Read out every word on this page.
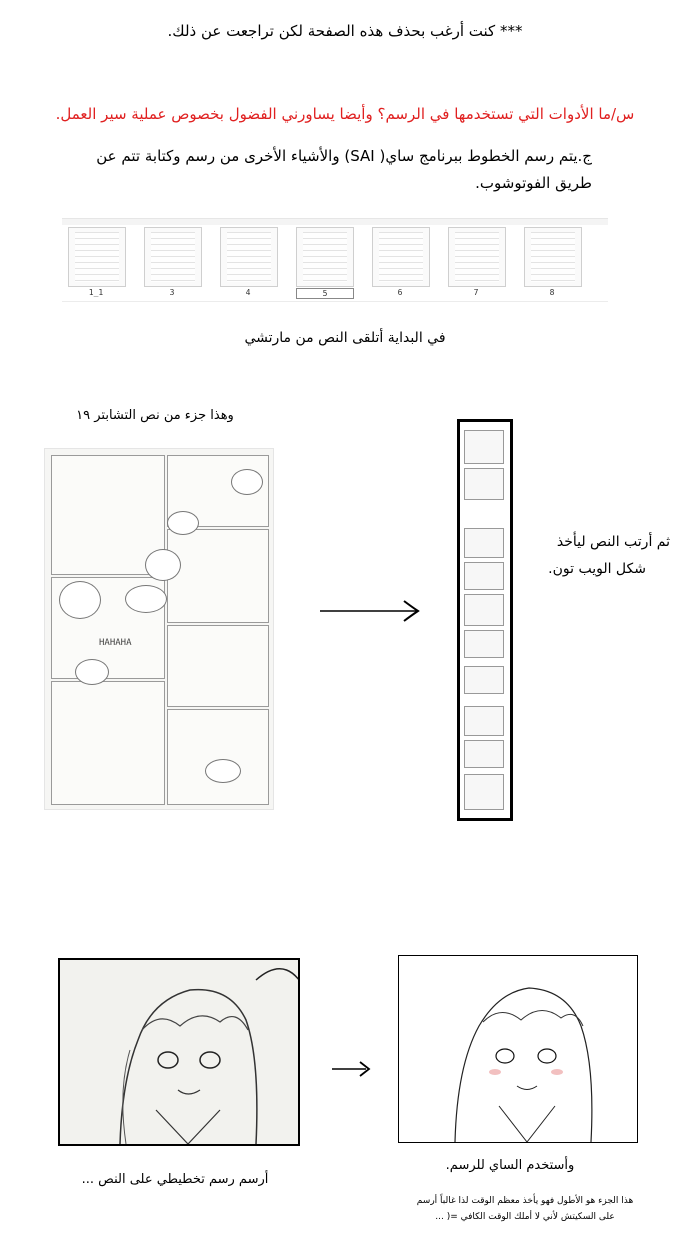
*** كنت أرغب بحذف هذه الصفحة لكن تراجعت عن ذلك.
س/ما الأدوات التي تستخدمها في الرسم؟ وأيضا يساورني الفضول بخصوص عملية سير العمل.
ج.يتم رسم الخطوط ببرنامج ساي( SAI) والأشياء الأخرى من رسم وكتابة تتم عن
طريق الفوتوشوب.
1_1	3	4	5	6	7	8
في البداية أتلقى النص من مارتشي
وهذا جزء من نص التشابتر ١٩
HAHAHA
ثم أرتب النص ليأخذ
شكل الويب تون.
أرسم رسم تخطيطي على النص ...
وأستخدم الساي للرسم.
هذا الجزء هو الأطول فهو يأخذ معظم الوقت لذا غالباً أرسم
على السكيتش لأني لا أملك الوقت الكافي =( ...
